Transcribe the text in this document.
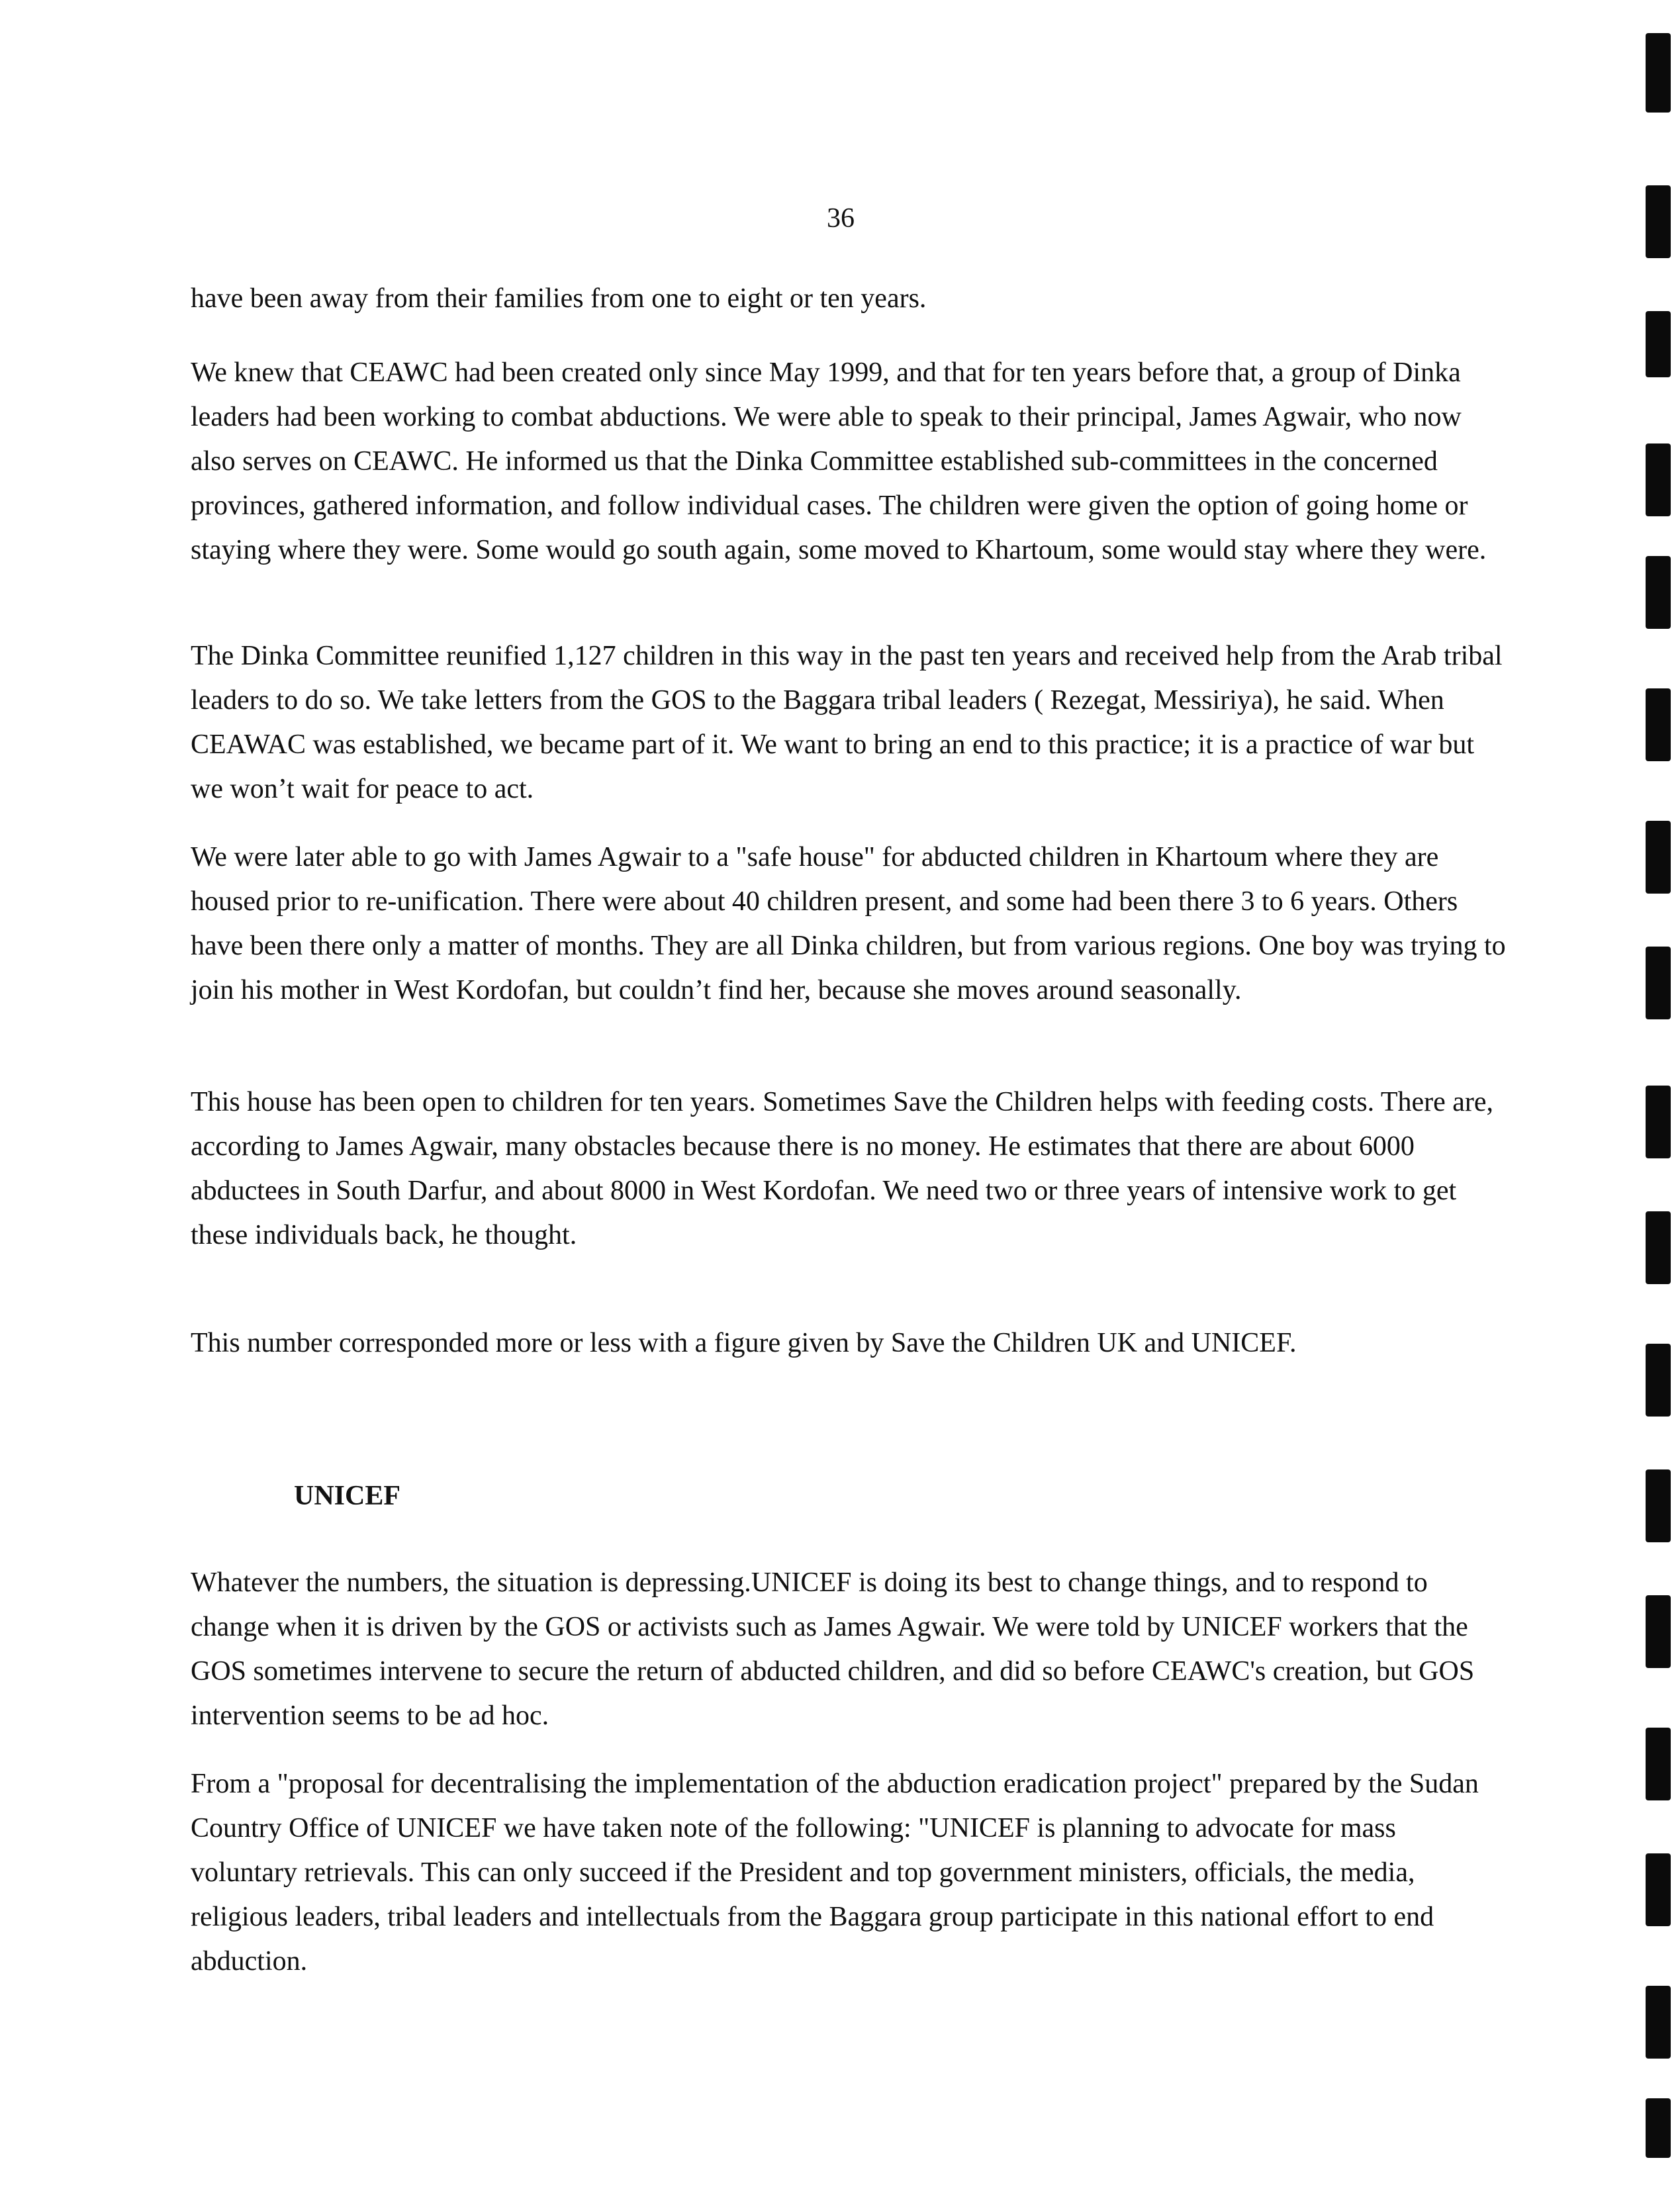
36

have been away from their families from one to eight or ten years.

We knew that CEAWC had been created only since May 1999, and that for ten years before that, a group of Dinka leaders had been working to combat abductions. We were able to speak to their principal, James Agwair, who now also serves on CEAWC. He informed us that the Dinka Committee established sub-committees in the concerned provinces, gathered information, and follow individual cases. The children were given the option of going home or staying where they were. Some would go south again, some moved to Khartoum, some would stay where they were.

The Dinka Committee reunified 1,127 children in this way in the past ten years and received help from the Arab tribal leaders to do so. We take letters from the GOS to the Baggara tribal leaders ( Rezegat, Messiriya), he said. When CEAWAC was established, we became part of it. We want to bring an end to this practice; it is a practice of war but we won’t wait for peace to act.

We were later able to go with James Agwair to a "safe house" for abducted children in Khartoum where they are housed prior to re-unification. There were about 40 children present, and some had been there 3 to 6 years. Others have been there only a matter of months. They are all Dinka children, but from various regions. One boy was trying to join his mother in West Kordofan, but couldn’t find her, because she moves around seasonally.

This house has been open to children for ten years. Sometimes Save the Children helps with feeding costs. There are, according to James Agwair, many obstacles because there is no money. He estimates that there are about 6000 abductees in South Darfur, and about 8000 in West Kordofan. We need two or three years of intensive work to get these individuals back, he thought.

This number corresponded more or less with a figure given by Save the Children UK and UNICEF.

UNICEF

Whatever the numbers, the situation is depressing.UNICEF is doing its best to change things, and to respond to change when it is driven by the GOS or activists such as James Agwair. We were told by UNICEF workers that the GOS sometimes intervene to secure the return of abducted children, and did so before CEAWC's creation, but GOS intervention seems to be ad hoc.

From a "proposal for decentralising the implementation of the abduction eradication project" prepared by the Sudan Country Office of UNICEF we have taken note of the following: "UNICEF is planning to advocate for mass voluntary retrievals. This can only succeed if the President and top government ministers, officials, the media, religious leaders, tribal leaders and intellectuals from the Baggara group participate in this national effort to end abduction.
